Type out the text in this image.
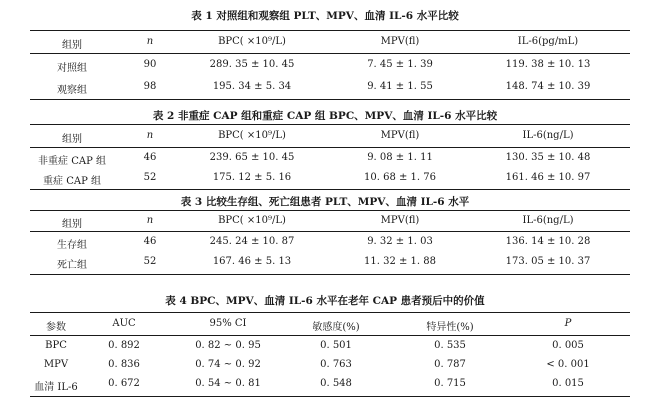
表 1 对照组和观察组 PLT、MPV、血清 IL-6 水平比较
组别	n	BPC( ×10⁹/L)	MPV(fl)	IL-6(pg/mL)
对照组	90	289. 35 ± 10. 45	7. 45 ± 1. 39	119. 38 ± 10. 13
观察组	98	195. 34 ± 5. 34	9. 41 ± 1. 55	148. 74 ± 10. 39
表 2 非重症 CAP 组和重症 CAP 组 BPC、MPV、血清 IL-6 水平比较
组别	n	BPC( ×10⁹/L)	MPV(fl)	IL-6(ng/L)
非重症 CAP 组	46	239. 65 ± 10. 45	9. 08 ± 1. 11	130. 35 ± 10. 48
重症 CAP 组	52	175. 12 ± 5. 16	10. 68 ± 1. 76	161. 46 ± 10. 97
表 3 比较生存组、死亡组患者 PLT、MPV、血清 IL-6 水平
组别	n	BPC( ×10⁹/L)	MPV(fl)	IL-6(ng/L)
生存组	46	245. 24 ± 10. 87	9. 32 ± 1. 03	136. 14 ± 10. 28
死亡组	52	167. 46 ± 5. 13	11. 32 ± 1. 88	173. 05 ± 10. 37
表 4 BPC、MPV、血清 IL-6 水平在老年 CAP 患者预后中的价值
参数	AUC	95% CI	敏感度(%)	特异性(%)	P
BPC	0. 892	0. 82 ~ 0. 95	0. 501	0. 535	0. 005
MPV	0. 836	0. 74 ~ 0. 92	0. 763	0. 787	< 0. 001
血清 IL-6	0. 672	0. 54 ~ 0. 81	0. 548	0. 715	0. 015
